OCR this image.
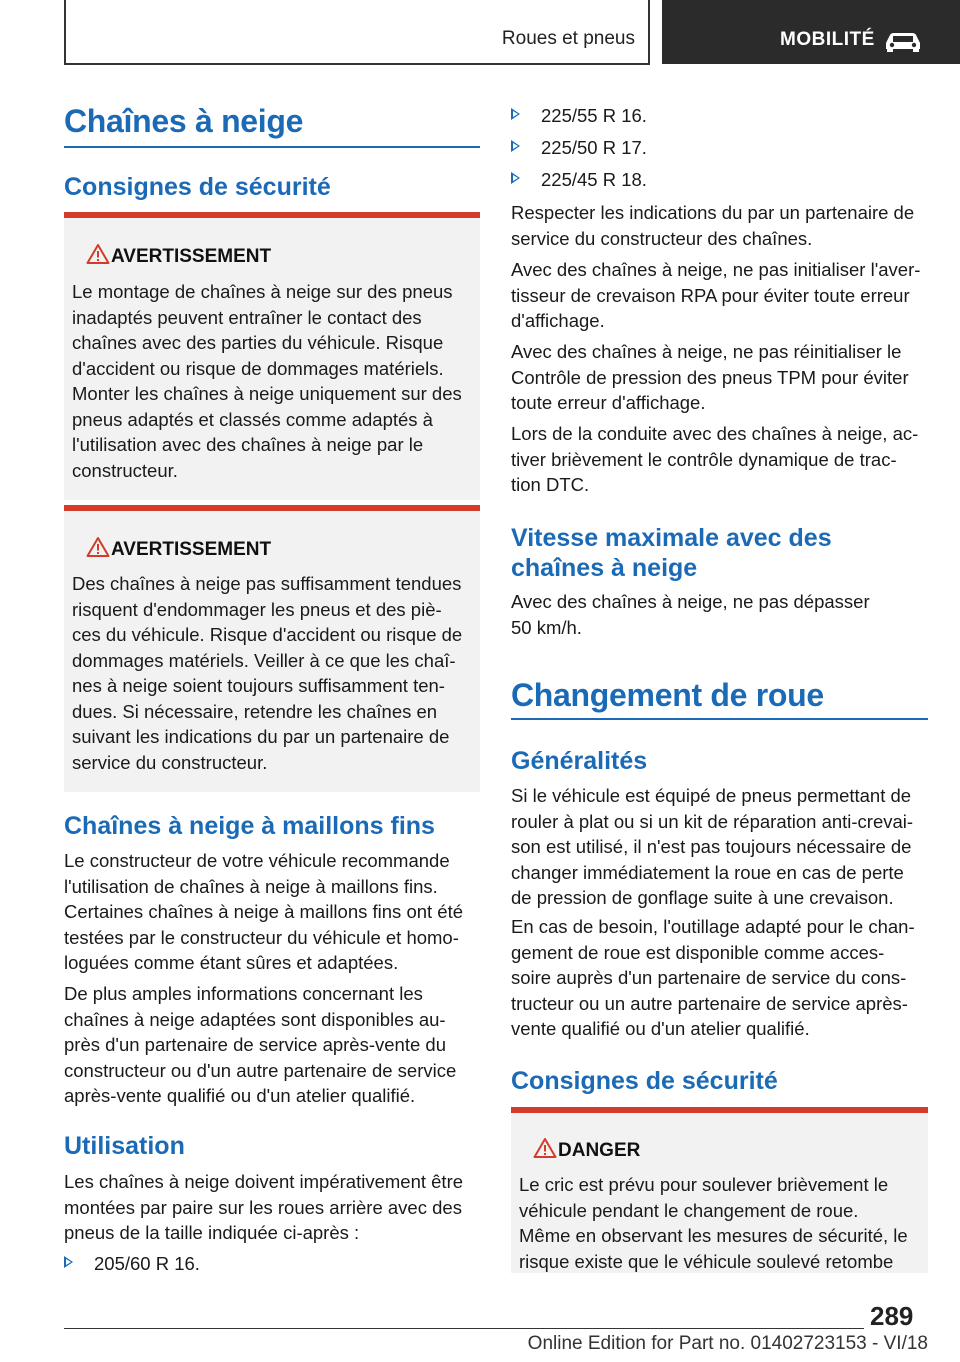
Roues et pneus	MOBILITÉ
Chaînes à neige
Consignes de sécurité
AVERTISSEMENT
Le montage de chaînes à neige sur des pneus
inadaptés peuvent entraîner le contact des
chaînes avec des parties du véhicule. Risque
d'accident ou risque de dommages matériels.
Monter les chaînes à neige uniquement sur des
pneus adaptés et classés comme adaptés à
l'utilisation avec des chaînes à neige par le
constructeur.
AVERTISSEMENT
Des chaînes à neige pas suffisamment tendues
risquent d'endommager les pneus et des piè-
ces du véhicule. Risque d'accident ou risque de
dommages matériels. Veiller à ce que les chaî-
nes à neige soient toujours suffisamment ten-
dues. Si nécessaire, retendre les chaînes en
suivant les indications du par un partenaire de
service du constructeur.
Chaînes à neige à maillons fins
Le constructeur de votre véhicule recommande
l'utilisation de chaînes à neige à maillons fins.
Certaines chaînes à neige à maillons fins ont été
testées par le constructeur du véhicule et homo-
loguées comme étant sûres et adaptées.
De plus amples informations concernant les
chaînes à neige adaptées sont disponibles au-
près d'un partenaire de service après-vente du
constructeur ou d'un autre partenaire de service
après-vente qualifié ou d'un atelier qualifié.
Utilisation
Les chaînes à neige doivent impérativement être
montées par paire sur les roues arrière avec des
pneus de la taille indiquée ci-après :
205/60 R 16.
225/55 R 16.
225/50 R 17.
225/45 R 18.
Respecter les indications du par un partenaire de
service du constructeur des chaînes.
Avec des chaînes à neige, ne pas initialiser l'aver-
tisseur de crevaison RPA pour éviter toute erreur
d'affichage.
Avec des chaînes à neige, ne pas réinitialiser le
Contrôle de pression des pneus TPM pour éviter
toute erreur d'affichage.
Lors de la conduite avec des chaînes à neige, ac-
tiver brièvement le contrôle dynamique de trac-
tion DTC.
Vitesse maximale avec des
chaînes à neige
Avec des chaînes à neige, ne pas dépasser
50 km/h.
Changement de roue
Généralités
Si le véhicule est équipé de pneus permettant de
rouler à plat ou si un kit de réparation anti-crevai-
son est utilisé, il n'est pas toujours nécessaire de
changer immédiatement la roue en cas de perte
de pression de gonflage suite à une crevaison.
En cas de besoin, l'outillage adapté pour le chan-
gement de roue est disponible comme acces-
soire auprès d'un partenaire de service du cons-
tructeur ou un autre partenaire de service après-
vente qualifié ou d'un atelier qualifié.
Consignes de sécurité
DANGER
Le cric est prévu pour soulever brièvement le
véhicule pendant le changement de roue.
Même en observant les mesures de sécurité, le
risque existe que le véhicule soulevé retombe
289
Online Edition for Part no. 01402723153 - VI/18
